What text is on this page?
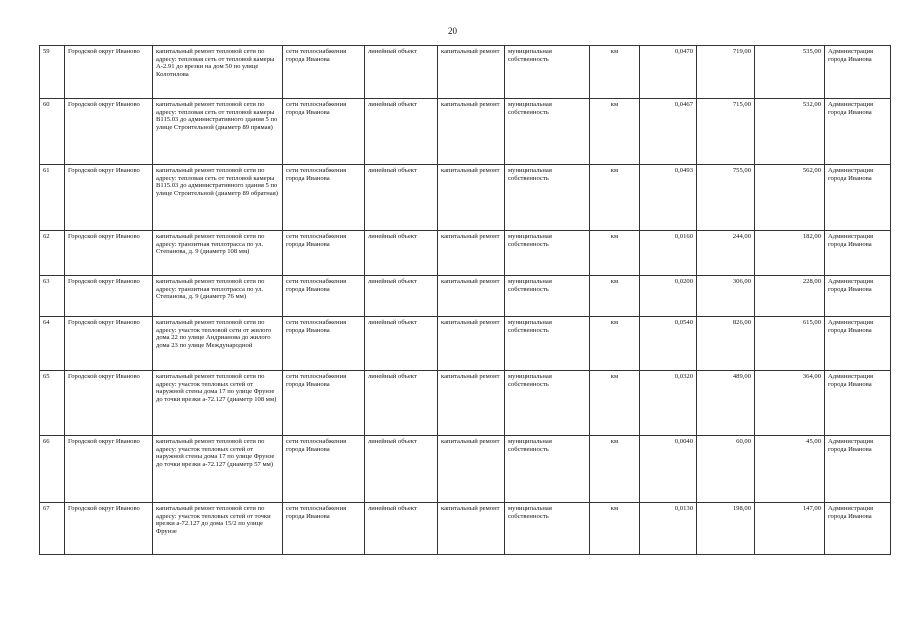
20
59	Городской округ Иваново	капитальный ремонт тепловой сети по адресу: тепловая сеть от тепловой камеры А-2.91 до врезки на дом 50 по улице Колотилова	сети теплоснабжения города Иванова	линейный объект	капитальный ремонт	муниципальная собственность	км	0,0470	719,00	535,00	Администрация города Иванова
60	Городской округ Иваново	капитальный ремонт тепловой сети по адресу: тепловая сеть от тепловой камеры В115.03 до административного здания 5 по улице Строительной (диаметр 89 прямая)	сети теплоснабжения города Иванова	линейный объект	капитальный ремонт	муниципальная собственность	км	0,0467	715,00	532,00	Администрация города Иванова
61	Городской округ Иваново	капитальный ремонт тепловой сети по адресу: тепловая сеть от тепловой камеры В115.03 до административного здания 5 по улице Строительной (диаметр 89 обратная)	сети теплоснабжения города Иванова	линейный объект	капитальный ремонт	муниципальная собственность	км	0,0493	755,00	562,00	Администрация города Иванова
62	Городской округ Иваново	капитальный ремонт тепловой сети по адресу: транзитная теплотрасса по ул. Степанова, д. 9 (диаметр 108 мм)	сети теплоснабжения города Иванова	линейный объект	капитальный ремонт	муниципальная собственность	км	0,0160	244,00	182,00	Администрация города Иванова
63	Городской округ Иваново	капитальный ремонт тепловой сети по адресу: транзитная теплотрасса по ул. Степанова, д. 9 (диаметр 76 мм)	сети теплоснабжения города Иванова	линейный объект	капитальный ремонт	муниципальная собственность	км	0,0200	306,00	228,00	Администрация города Иванова
64	Городской округ Иваново	капитальный ремонт тепловой сети по адресу: участок тепловой сети от жилого дома 22 по улице Андрианова до жилого дома 23 по улице Международной	сети теплоснабжения города Иванова	линейный объект	капитальный ремонт	муниципальная собственность	км	0,0540	826,00	615,00	Администрация города Иванова
65	Городской округ Иваново	капитальный ремонт тепловой сети по адресу: участок тепловых сетей от наружной стены дома 17 по улице Фрунзе до точки врезки а-72.127 (диаметр 108 мм)	сети теплоснабжения города Иванова	линейный объект	капитальный ремонт	муниципальная собственность	км	0,0320	489,00	364,00	Администрация города Иванова
66	Городской округ Иваново	капитальный ремонт тепловой сети по адресу: участок тепловых сетей от наружной стены дома 17 по улице Фрунзе до точки врезки а-72.127 (диаметр 57 мм)	сети теплоснабжения города Иванова	линейный объект	капитальный ремонт	муниципальная собственность	км	0,0040	60,00	45,00	Администрация города Иванова
67	Городской округ Иваново	капитальный ремонт тепловой сети по адресу: участок тепловых сетей от точки врезки а-72.127 до дома 15/2 по улице Фрунзе	сети теплоснабжения города Иванова	линейный объект	капитальный ремонт	муниципальная собственность	км	0,0130	198,00	147,00	Администрация города Иванова
